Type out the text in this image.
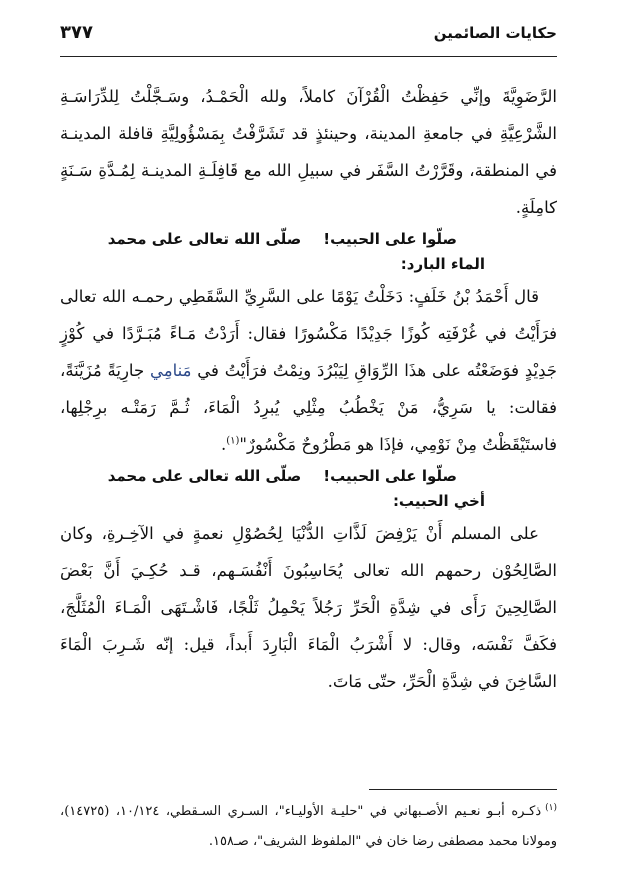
حكايات الصائمين
٣٧٧

الرَّضَوِيَّةَ وإنِّي حَفِظْتُ الْقُرْآنَ كاملاً، ولله الْحَمْـدُ، وسَـجَّلْتُ لِلدِّرَاسَـةِ الشَّرْعِيَّةِ في جامعةِ المدينة، وحينئذٍ قد تَشَرَّفْتُ بِمَسْؤُولِيَّةِ قافلة المدينـة في المنطقة، وقَرَّرْتُ السَّفَر في سبيلِ الله مع قَافِلَـةِ المدينـة لِمُـدَّةِ سَـنَةٍ كامِلَةٍ.

صلّوا على الحبيب!صلّى الله تعالى على محمد

الماء البارد:

قال أَحْمَدُ بْنُ خَلَفٍ: دَخَلْتُ يَوْمًا على السَّرِيِّ السَّقَطِي رحمـه الله تعالى فرَأَيْتُ في غُرْفَتِه كُوزًا جَدِيْدًا مَكْسُورًا فقال: أَرَدْتُ مَـاءً مُبَـرَّدًا في كُوْزٍ جَدِيْدٍ فوَضَعْتُه على هذَا الرِّوَاقِ لِيَبْرُدَ ونِمْتُ فرَأَيْتُ في مَنامِي جارِيَةً مُزَيَّنَةً، فقالت: يا سَرِيُّ، مَنْ يَخْطُبُ مِثْلِي يُبرِدُ الْمَاءَ، ثُـمَّ رَمَتْـه برِجْلِها، فاستَيْقَظْتُ مِنْ نَوْمِي، فإذَا هو مَطْرُوحٌ مَكْسُورٌ"$^{(١)}$.

صلّوا على الحبيب!صلّى الله تعالى على محمد

أخي الحبيب:

على المسلم أَنْ يَرْفِضَ لَذَّاتِ الدُّنْيَا لِحُصُوْلِ نعمةٍ في الآخِـرةِ، وكان الصَّالِحُوْن رحمهم الله تعالى يُحَاسِبُونَ أَنْفُسَـهم، قـد حُكِـيَ أَنَّ بَعْضَ الصَّالِحِينَ رَأَى في شِدَّةِ الْحَرِّ رَجُلاً يَحْمِلُ ثَلْجًا، فَاشْـتَهَى الْمَـاءَ الْمُثَلَّجَ، فكَفَّ نَفْسَه، وقال: لا أَشْرَبُ الْمَاءَ الْبَارِدَ أَبداً، قيل: إنّه شَـرِبَ الْمَاءَ السَّاخِنَ في شِدَّةِ الْحَرِّ، حتّى مَاتَ.

$^{(١)}$ذكـره أبـو نعـيم الأصـبهاني في "حليـة الأوليـاء"، السـري السـقطي، ١٠/١٢٤، (١٤٧٢٥)، ومولانا محمد مصطفى رضا خان في "الملفوظ الشريف"، صـ١٥٨.
